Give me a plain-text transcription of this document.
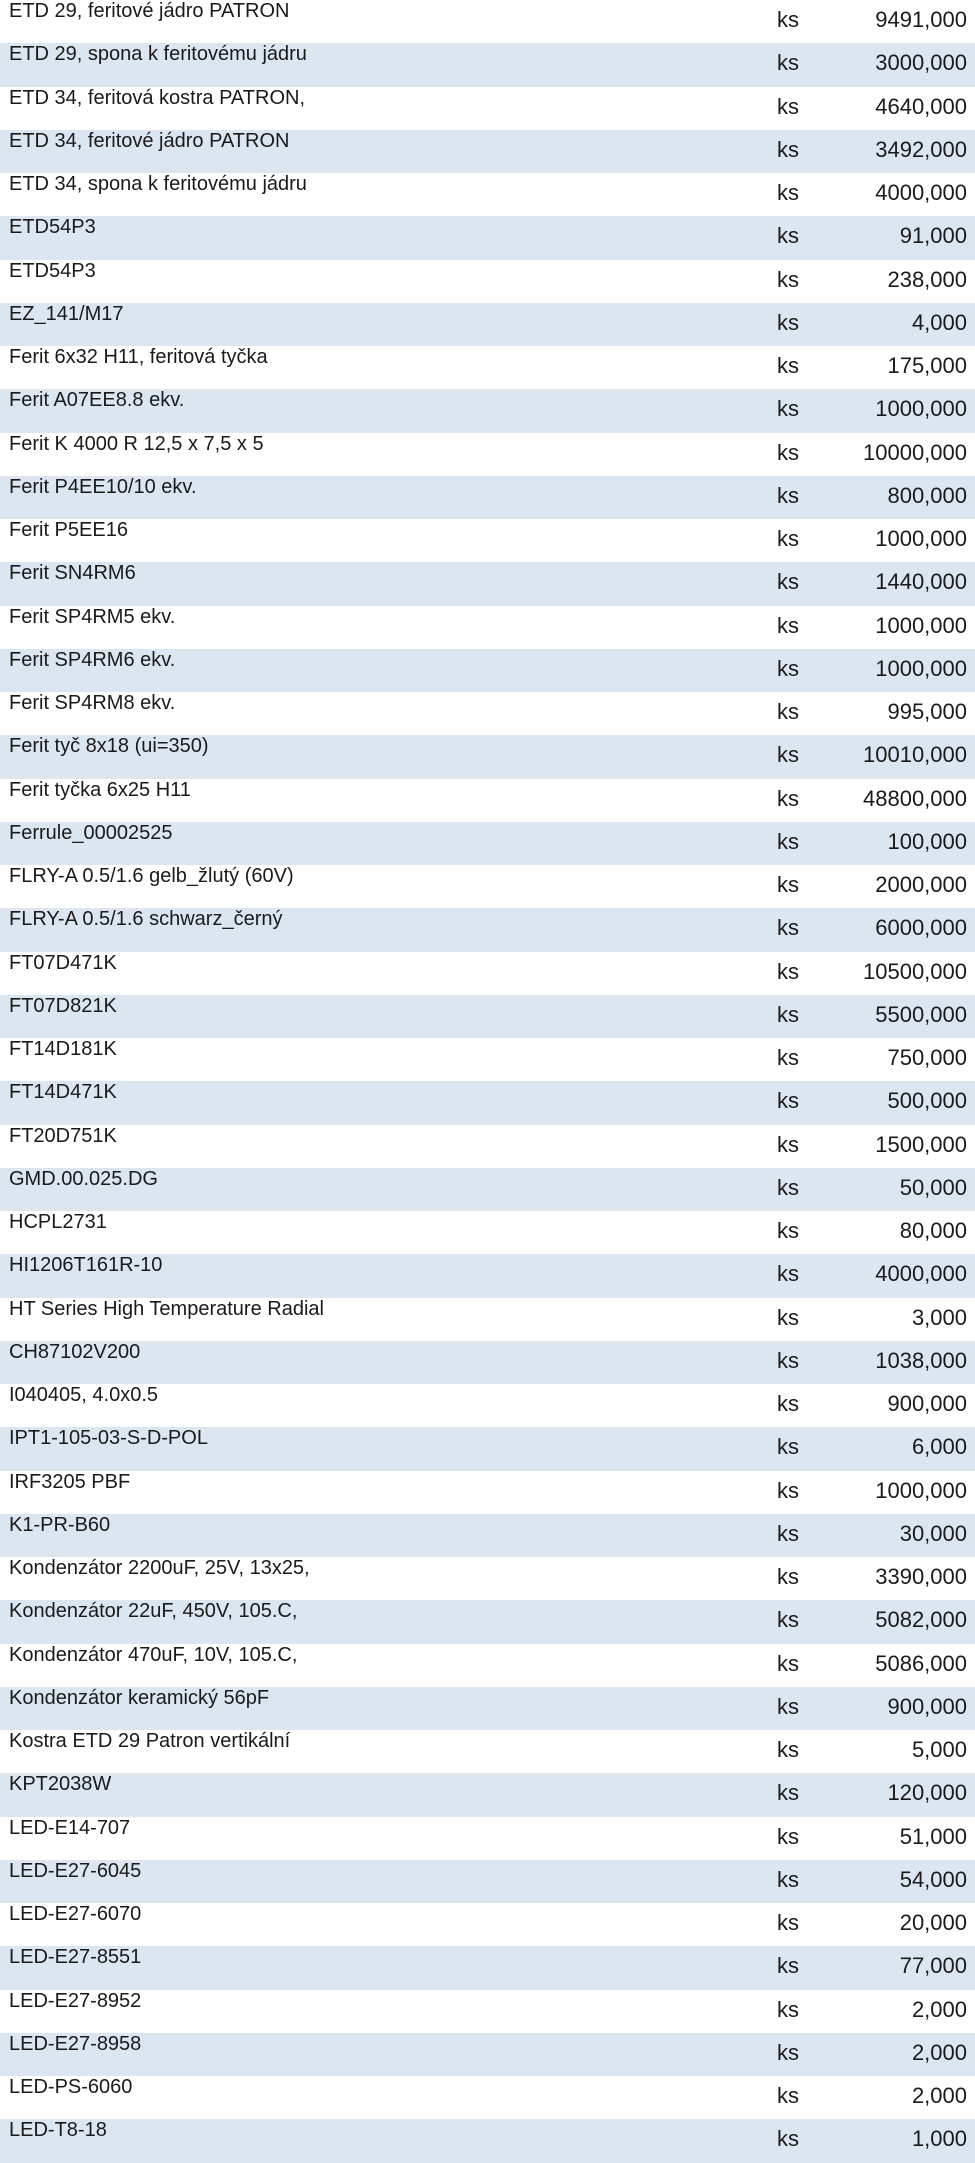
ETD 29, feritové jádro PATRON	ks	9491,000
ETD 29, spona k feritovému jádru	ks	3000,000
ETD 34, feritová kostra PATRON,	ks	4640,000
ETD 34, feritové jádro PATRON	ks	3492,000
ETD 34, spona k feritovému jádru	ks	4000,000
ETD54P3	ks	91,000
ETD54P3	ks	238,000
EZ_141/M17	ks	4,000
Ferit 6x32 H11, feritová tyčka	ks	175,000
Ferit A07EE8.8 ekv.	ks	1000,000
Ferit K 4000 R 12,5 x 7,5 x 5	ks	10000,000
Ferit P4EE10/10 ekv.	ks	800,000
Ferit P5EE16	ks	1000,000
Ferit SN4RM6	ks	1440,000
Ferit SP4RM5 ekv.	ks	1000,000
Ferit SP4RM6 ekv.	ks	1000,000
Ferit SP4RM8 ekv.	ks	995,000
Ferit tyč 8x18 (ui=350)	ks	10010,000
Ferit tyčka 6x25 H11	ks	48800,000
Ferrule_00002525	ks	100,000
FLRY-A 0.5/1.6 gelb_žlutý (60V)	ks	2000,000
FLRY-A 0.5/1.6 schwarz_černý	ks	6000,000
FT07D471K	ks	10500,000
FT07D821K	ks	5500,000
FT14D181K	ks	750,000
FT14D471K	ks	500,000
FT20D751K	ks	1500,000
GMD.00.025.DG	ks	50,000
HCPL2731	ks	80,000
HI1206T161R-10	ks	4000,000
HT Series High Temperature Radial	ks	3,000
CH87102V200	ks	1038,000
I040405, 4.0x0.5	ks	900,000
IPT1-105-03-S-D-POL	ks	6,000
IRF3205 PBF	ks	1000,000
K1-PR-B60	ks	30,000
Kondenzátor 2200uF, 25V, 13x25,	ks	3390,000
Kondenzátor 22uF, 450V, 105.C,	ks	5082,000
Kondenzátor 470uF, 10V, 105.C,	ks	5086,000
Kondenzátor keramický 56pF	ks	900,000
Kostra ETD 29 Patron vertikální	ks	5,000
KPT2038W	ks	120,000
LED-E14-707	ks	51,000
LED-E27-6045	ks	54,000
LED-E27-6070	ks	20,000
LED-E27-8551	ks	77,000
LED-E27-8952	ks	2,000
LED-E27-8958	ks	2,000
LED-PS-6060	ks	2,000
LED-T8-18	ks	1,000
